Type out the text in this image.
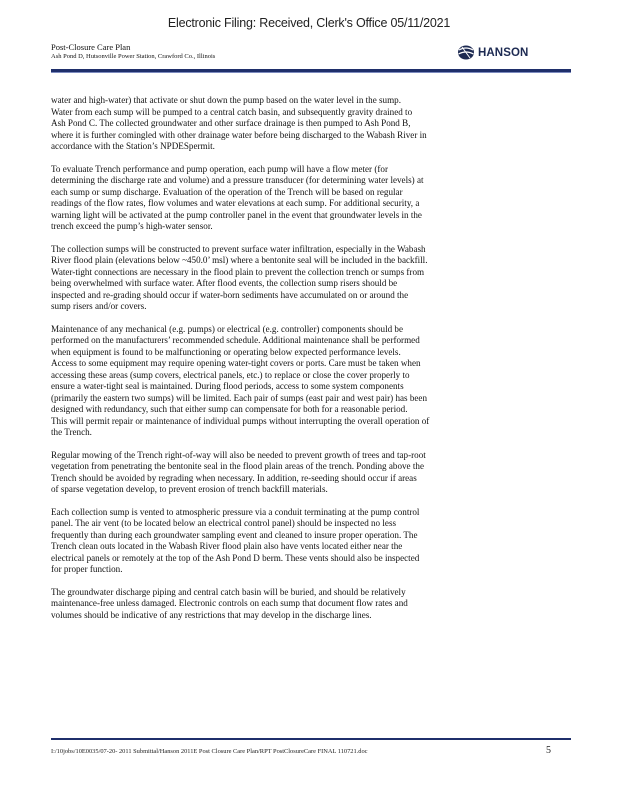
Electronic Filing: Received, Clerk's Office 05/11/2021
Post-Closure Care Plan
Ash Pond D, Hutsonville Power Station, Crawford Co., Illinois	HANSON

water and high-water) that activate or shut down the pump based on the water level in the sump.
Water from each sump will be pumped to a central catch basin, and subsequently gravity drained to
Ash Pond C. The collected groundwater and other surface drainage is then pumped to Ash Pond B,
where it is further comingled with other drainage water before being discharged to the Wabash River in
accordance with the Station’s NPDESpermit.

To evaluate Trench performance and pump operation, each pump will have a flow meter (for
determining the discharge rate and volume) and a pressure transducer (for determining water levels) at
each sump or sump discharge. Evaluation of the operation of the Trench will be based on regular
readings of the flow rates, flow volumes and water elevations at each sump. For additional security, a
warning light will be activated at the pump controller panel in the event that groundwater levels in the
trench exceed the pump’s high-water sensor.

The collection sumps will be constructed to prevent surface water infiltration, especially in the Wabash
River flood plain (elevations below ~450.0’ msl) where a bentonite seal will be included in the backfill.
Water-tight connections are necessary in the flood plain to prevent the collection trench or sumps from
being overwhelmed with surface water. After flood events, the collection sump risers should be
inspected and re-grading should occur if water-born sediments have accumulated on or around the
sump risers and/or covers.

Maintenance of any mechanical (e.g. pumps) or electrical (e.g. controller) components should be
performed on the manufacturers’ recommended schedule. Additional maintenance shall be performed
when equipment is found to be malfunctioning or operating below expected performance levels.
Access to some equipment may require opening water-tight covers or ports. Care must be taken when
accessing these areas (sump covers, electrical panels, etc.) to replace or close the cover properly to
ensure a water-tight seal is maintained. During flood periods, access to some system components
(primarily the eastern two sumps) will be limited. Each pair of sumps (east pair and west pair) has been
designed with redundancy, such that either sump can compensate for both for a reasonable period.
This will permit repair or maintenance of individual pumps without interrupting the overall operation of
the Trench.

Regular mowing of the Trench right-of-way will also be needed to prevent growth of trees and tap-root
vegetation from penetrating the bentonite seal in the flood plain areas of the trench. Ponding above the
Trench should be avoided by regrading when necessary. In addition, re-seeding should occur if areas
of sparse vegetation develop, to prevent erosion of trench backfill materials.

Each collection sump is vented to atmospheric pressure via a conduit terminating at the pump control
panel. The air vent (to be located below an electrical control panel) should be inspected no less
frequently than during each groundwater sampling event and cleaned to insure proper operation. The
Trench clean outs located in the Wabash River flood plain also have vents located either near the
electrical panels or remotely at the top of the Ash Pond D berm. These vents should also be inspected
for proper function.

The groundwater discharge piping and central catch basin will be buried, and should be relatively
maintenance-free unless damaged. Electronic controls on each sump that document flow rates and
volumes should be indicative of any restrictions that may develop in the discharge lines.

I:/10jobs/10E0035/07-20- 2011 Submittal/Hanson 2011E Post Closure Care Plan/RPT PostClosureCare FINAL 110721.doc	5
